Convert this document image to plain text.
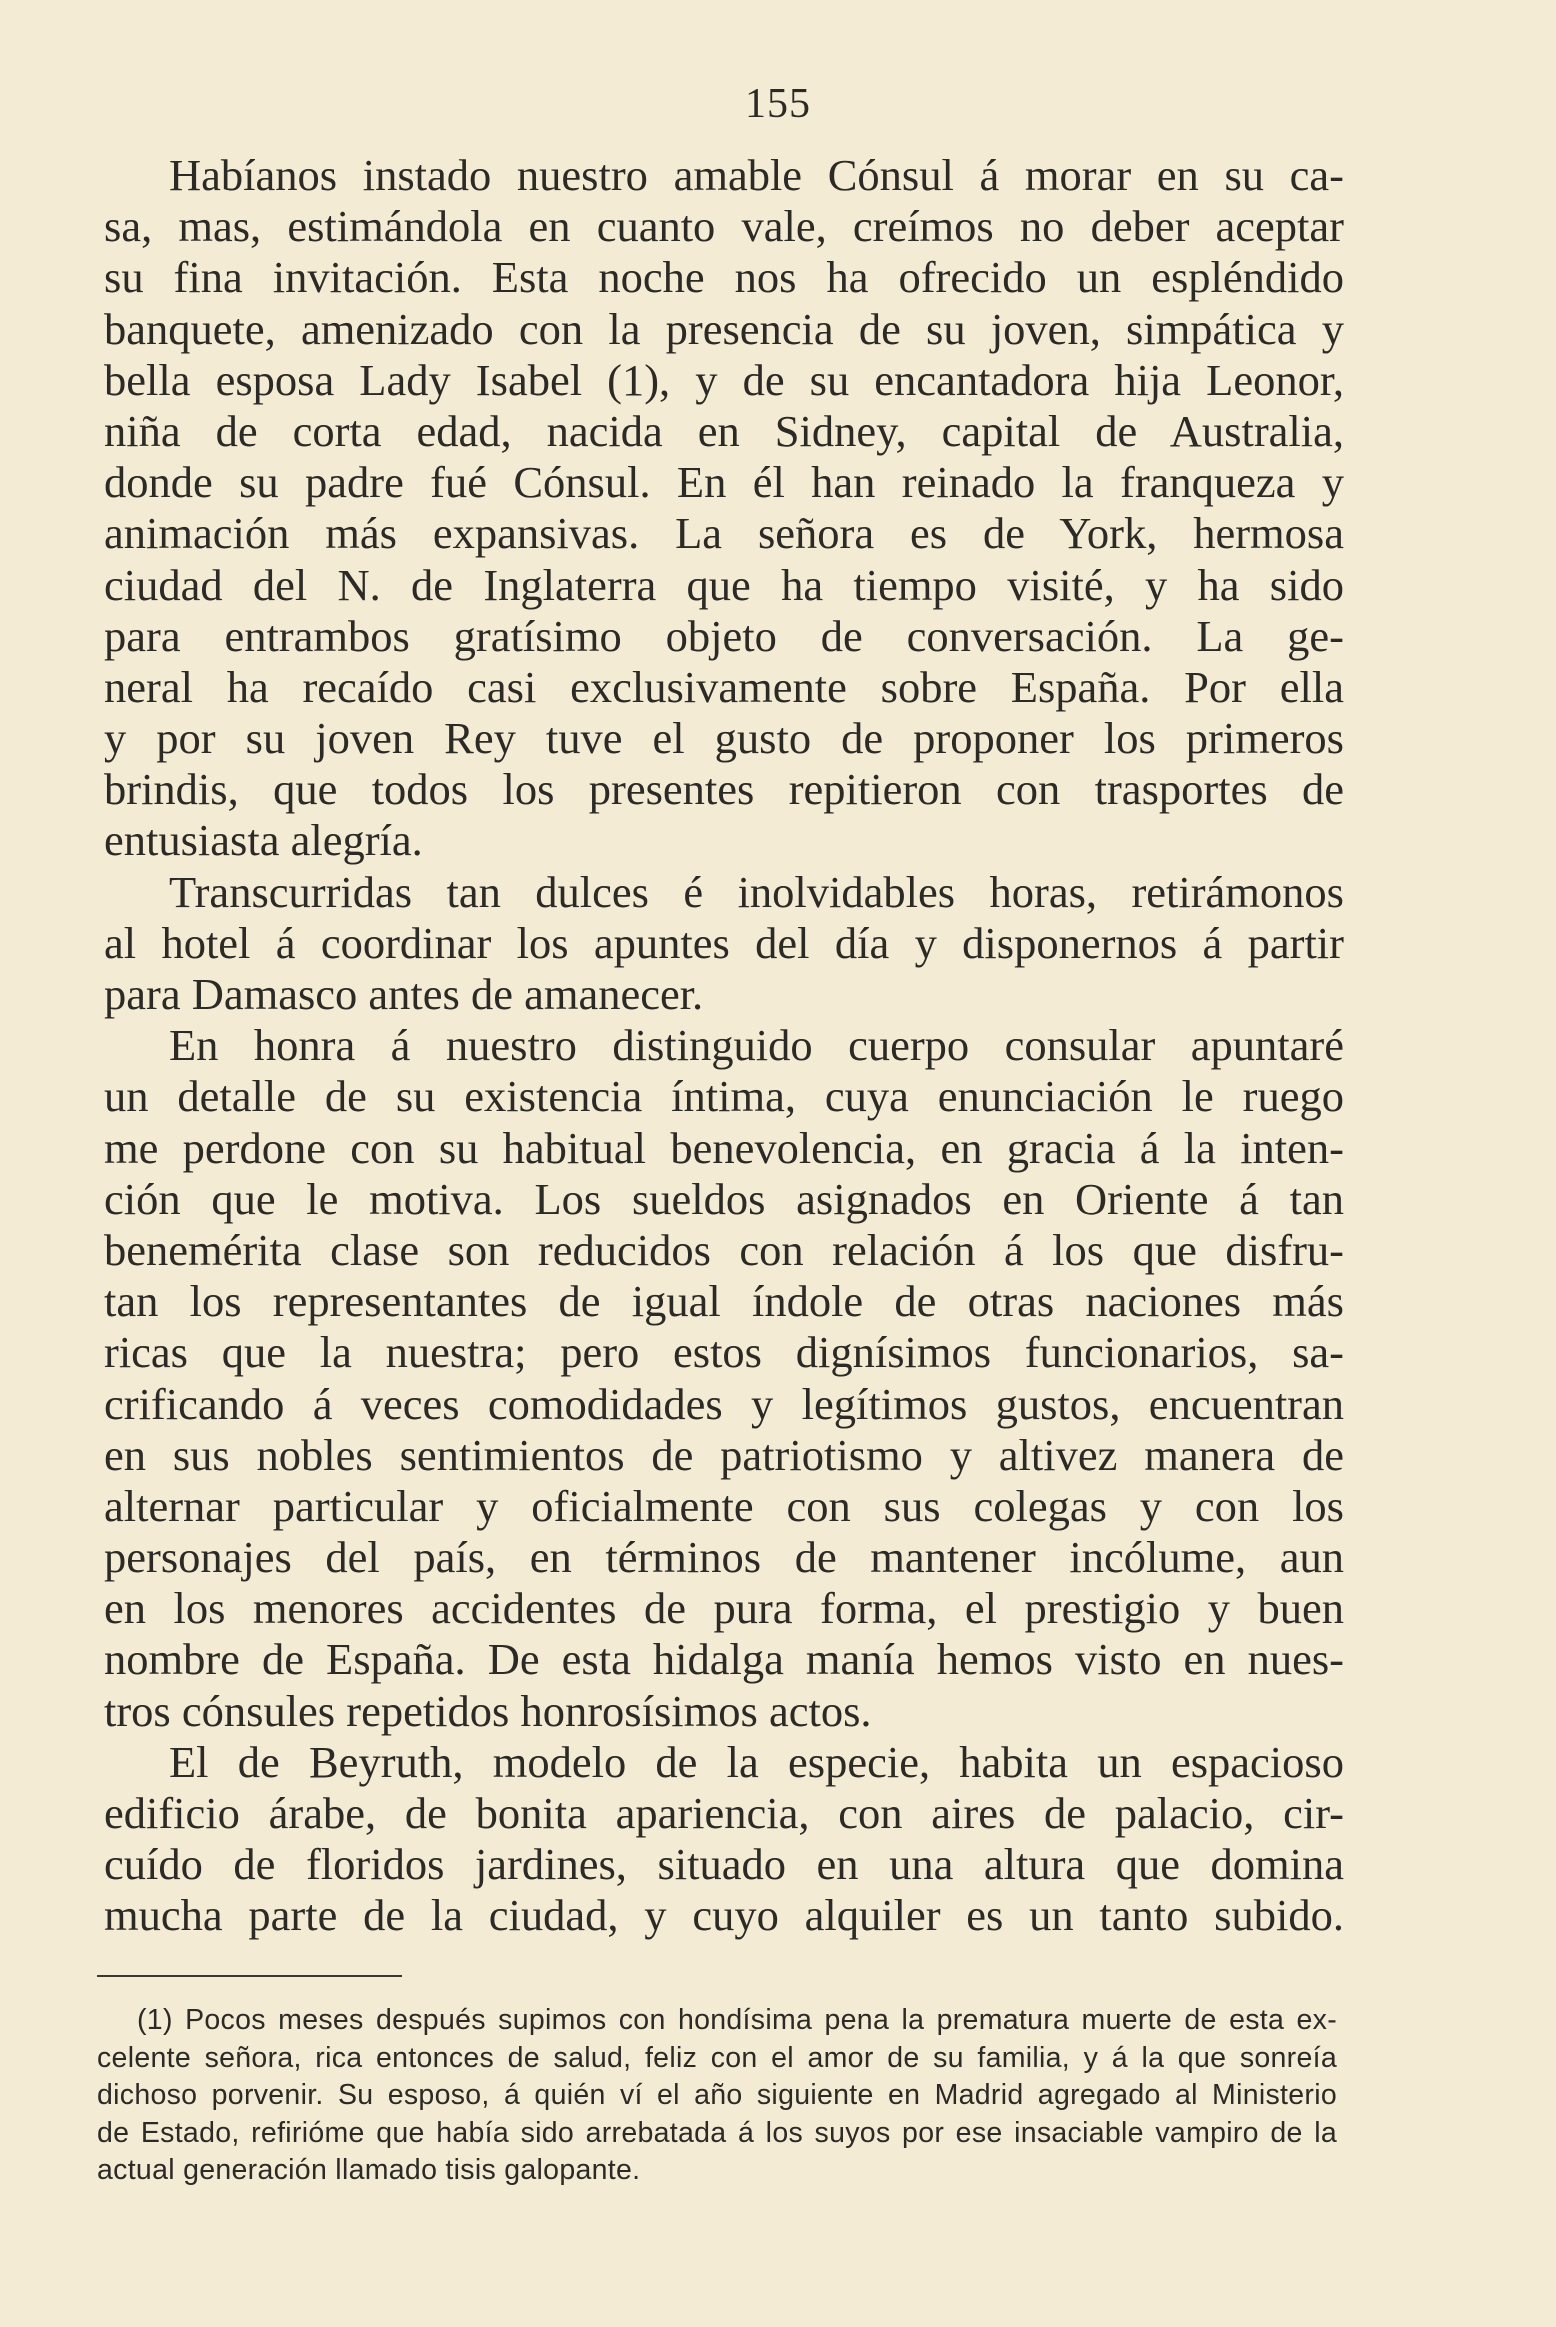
155
Habíanos instado nuestro amable Cónsul á morar en su ca-
sa, mas, estimándola en cuanto vale, creímos no deber aceptar
su fina invitación. Esta noche nos ha ofrecido un espléndido
banquete, amenizado con la presencia de su joven, simpática y
bella esposa Lady Isabel (1), y de su encantadora hija Leonor,
niña de corta edad, nacida en Sidney, capital de Australia,
donde su padre fué Cónsul. En él han reinado la franqueza y
animación más expansivas. La señora es de York, hermosa
ciudad del N. de Inglaterra que ha tiempo visité, y ha sido
para entrambos gratísimo objeto de conversación. La ge-
neral ha recaído casi exclusivamente sobre España. Por ella
y por su joven Rey tuve el gusto de proponer los primeros
brindis, que todos los presentes repitieron con trasportes de
entusiasta alegría.
Transcurridas tan dulces é inolvidables horas, retirámonos
al hotel á coordinar los apuntes del día y disponernos á partir
para Damasco antes de amanecer.
En honra á nuestro distinguido cuerpo consular apuntaré
un detalle de su existencia íntima, cuya enunciación le ruego
me perdone con su habitual benevolencia, en gracia á la inten-
ción que le motiva. Los sueldos asignados en Oriente á tan
benemérita clase son reducidos con relación á los que disfru-
tan los representantes de igual índole de otras naciones más
ricas que la nuestra; pero estos dignísimos funcionarios, sa-
crificando á veces comodidades y legítimos gustos, encuentran
en sus nobles sentimientos de patriotismo y altivez manera de
alternar particular y oficialmente con sus colegas y con los
personajes del país, en términos de mantener incólume, aun
en los menores accidentes de pura forma, el prestigio y buen
nombre de España. De esta hidalga manía hemos visto en nues-
tros cónsules repetidos honrosísimos actos.
El de Beyruth, modelo de la especie, habita un espacioso
edificio árabe, de bonita apariencia, con aires de palacio, cir-
cuído de floridos jardines, situado en una altura que domina
mucha parte de la ciudad, y cuyo alquiler es un tanto subido.
(1) Pocos meses después supimos con hondísima pena la prematura muerte de esta ex-
celente señora, rica entonces de salud, feliz con el amor de su familia, y á la que sonreía
dichoso porvenir. Su esposo, á quién ví el año siguiente en Madrid agregado al Ministerio
de Estado, refirióme que había sido arrebatada á los suyos por ese insaciable vampiro de la
actual generación llamado tisis galopante.
